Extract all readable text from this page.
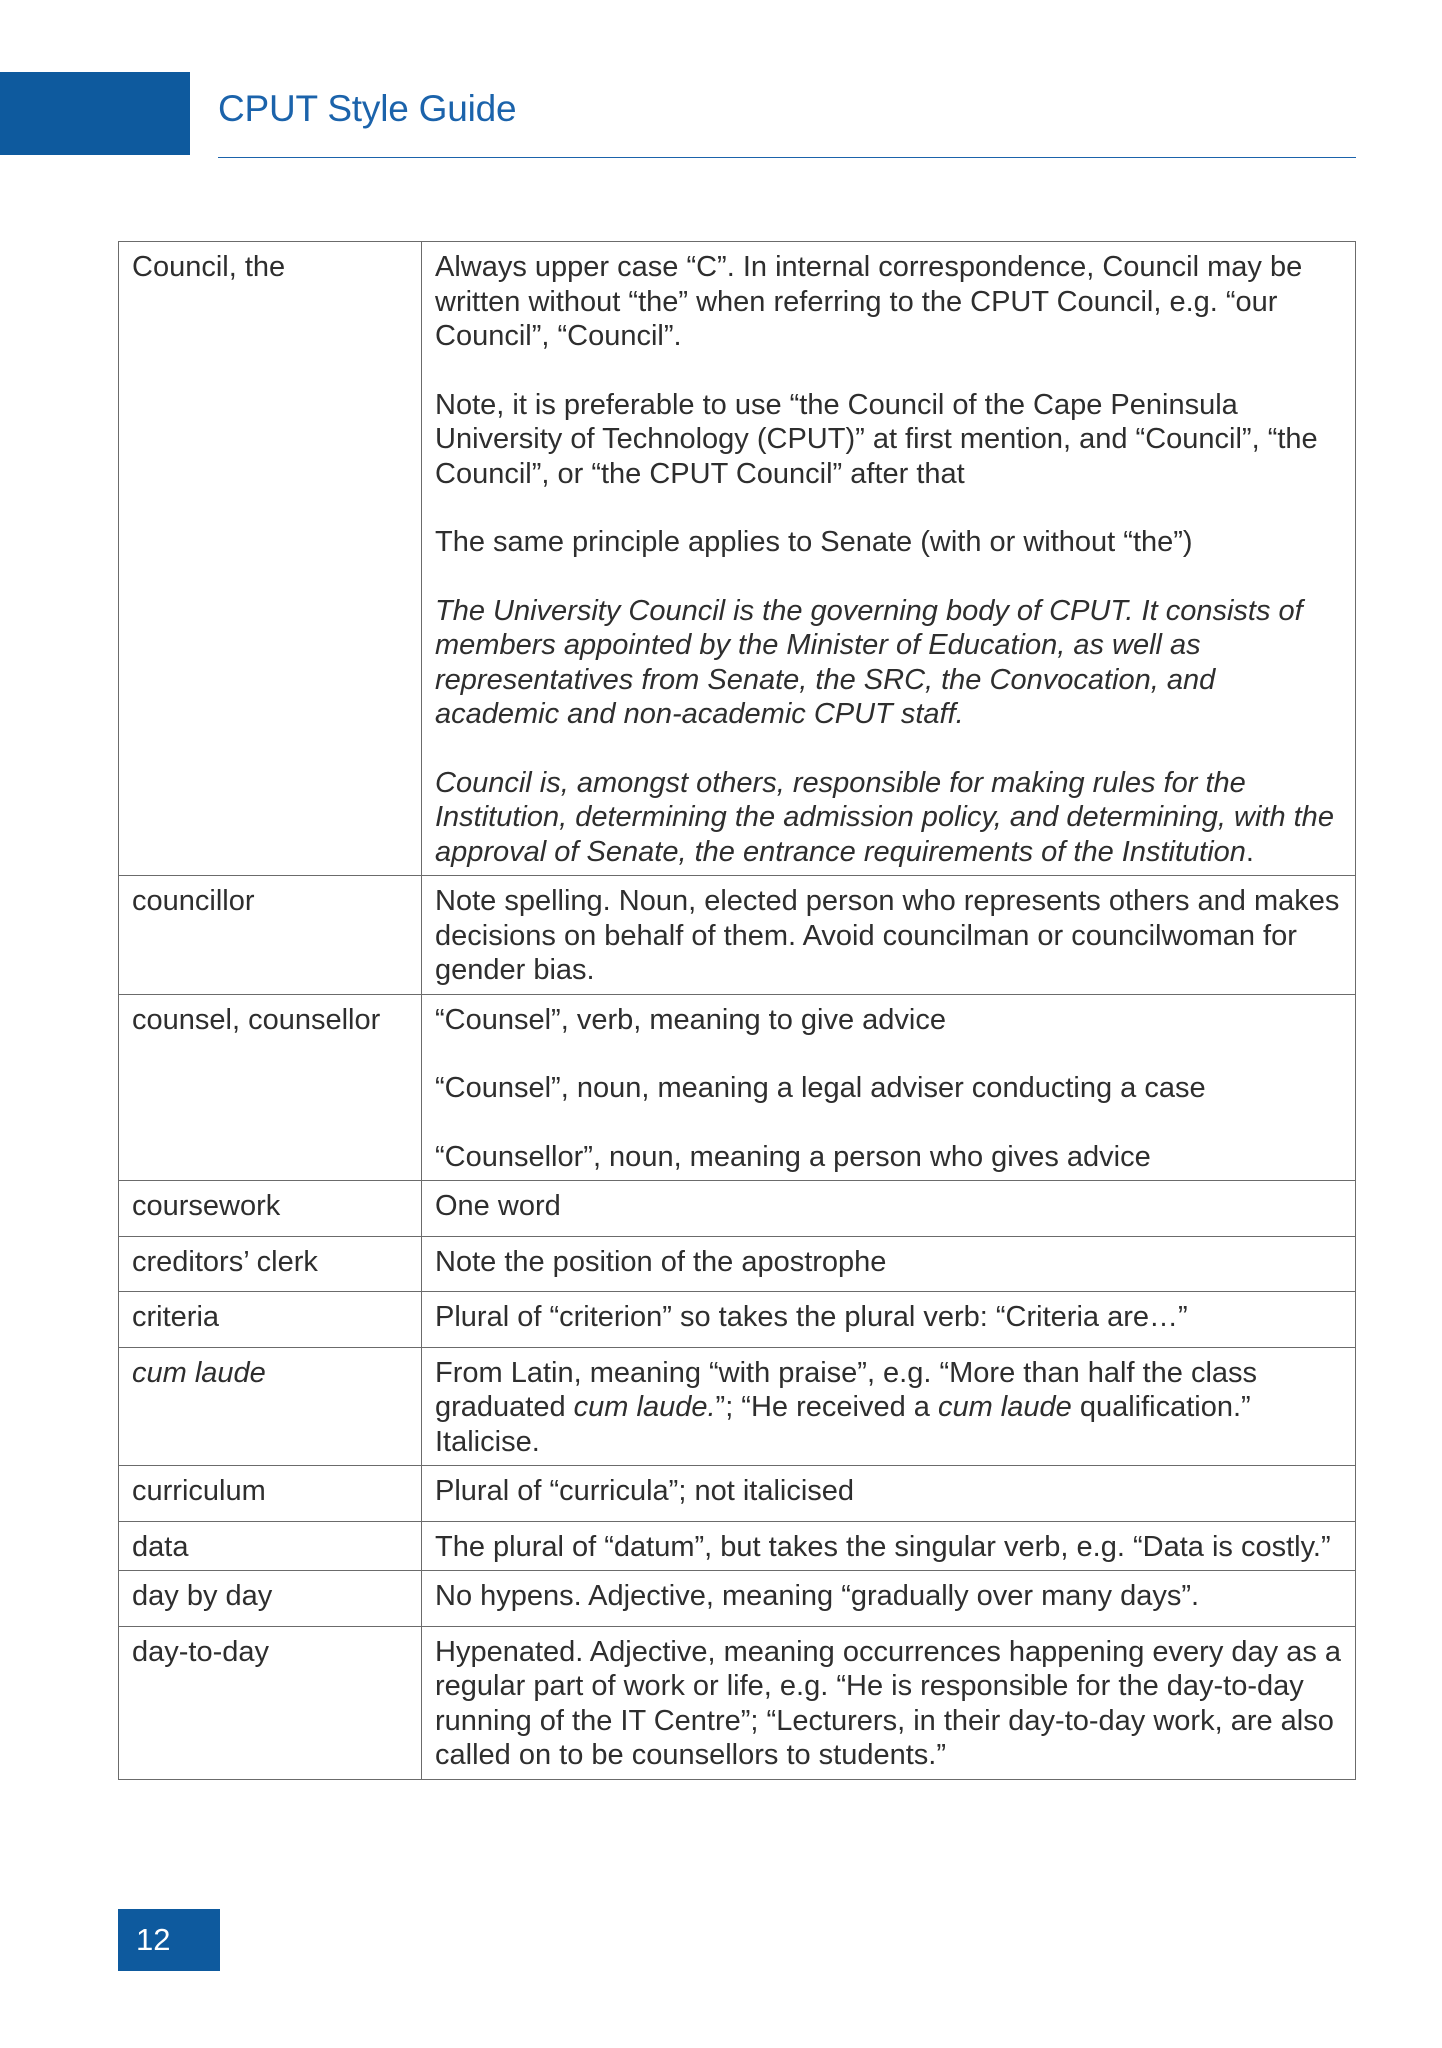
CPUT Style Guide
Council, the	Always upper case “C”. In internal correspondence, Council may be written without “the” when referring to the CPUT Council, e.g. “our Council”, “Council”.

Note, it is preferable to use “the Council of the Cape Peninsula University of Technology (CPUT)” at first mention, and “Council”, “the Council”, or “the CPUT Council” after that

The same principle applies to Senate (with or without “the”)

The University Council is the governing body of CPUT. It consists of members appointed by the Minister of Education, as well as representatives from Senate, the SRC, the Convocation, and academic and non-academic CPUT staff.

Council is, amongst others, responsible for making rules for the Institution, determining the admission policy, and determining, with the approval of Senate, the entrance requirements of the Institution.

councillor	Note spelling. Noun, elected person who represents others and makes decisions on behalf of them. Avoid councilman or councilwoman for gender bias.

counsel, counsellor	“Counsel”, verb, meaning to give advice

“Counsel”, noun, meaning a legal adviser conducting a case

“Counsellor”, noun, meaning a person who gives advice

coursework	One word

creditors’ clerk	Note the position of the apostrophe

criteria	Plural of “criterion” so takes the plural verb: “Criteria are…”

cum laude	From Latin, meaning “with praise”, e.g. “More than half the class graduated cum laude.”; “He received a cum laude qualification.” Italicise.

curriculum	Plural of “curricula”; not italicised

data	The plural of “datum”, but takes the singular verb, e.g. “Data is costly.”

day by day	No hypens. Adjective, meaning “gradually over many days”.

day-to-day	Hypenated. Adjective, meaning occurrences happening every day as a regular part of work or life, e.g. “He is responsible for the day-to-day running of the IT Centre”; “Lecturers, in their day-to-day work, are also called on to be counsellors to students.”

12
